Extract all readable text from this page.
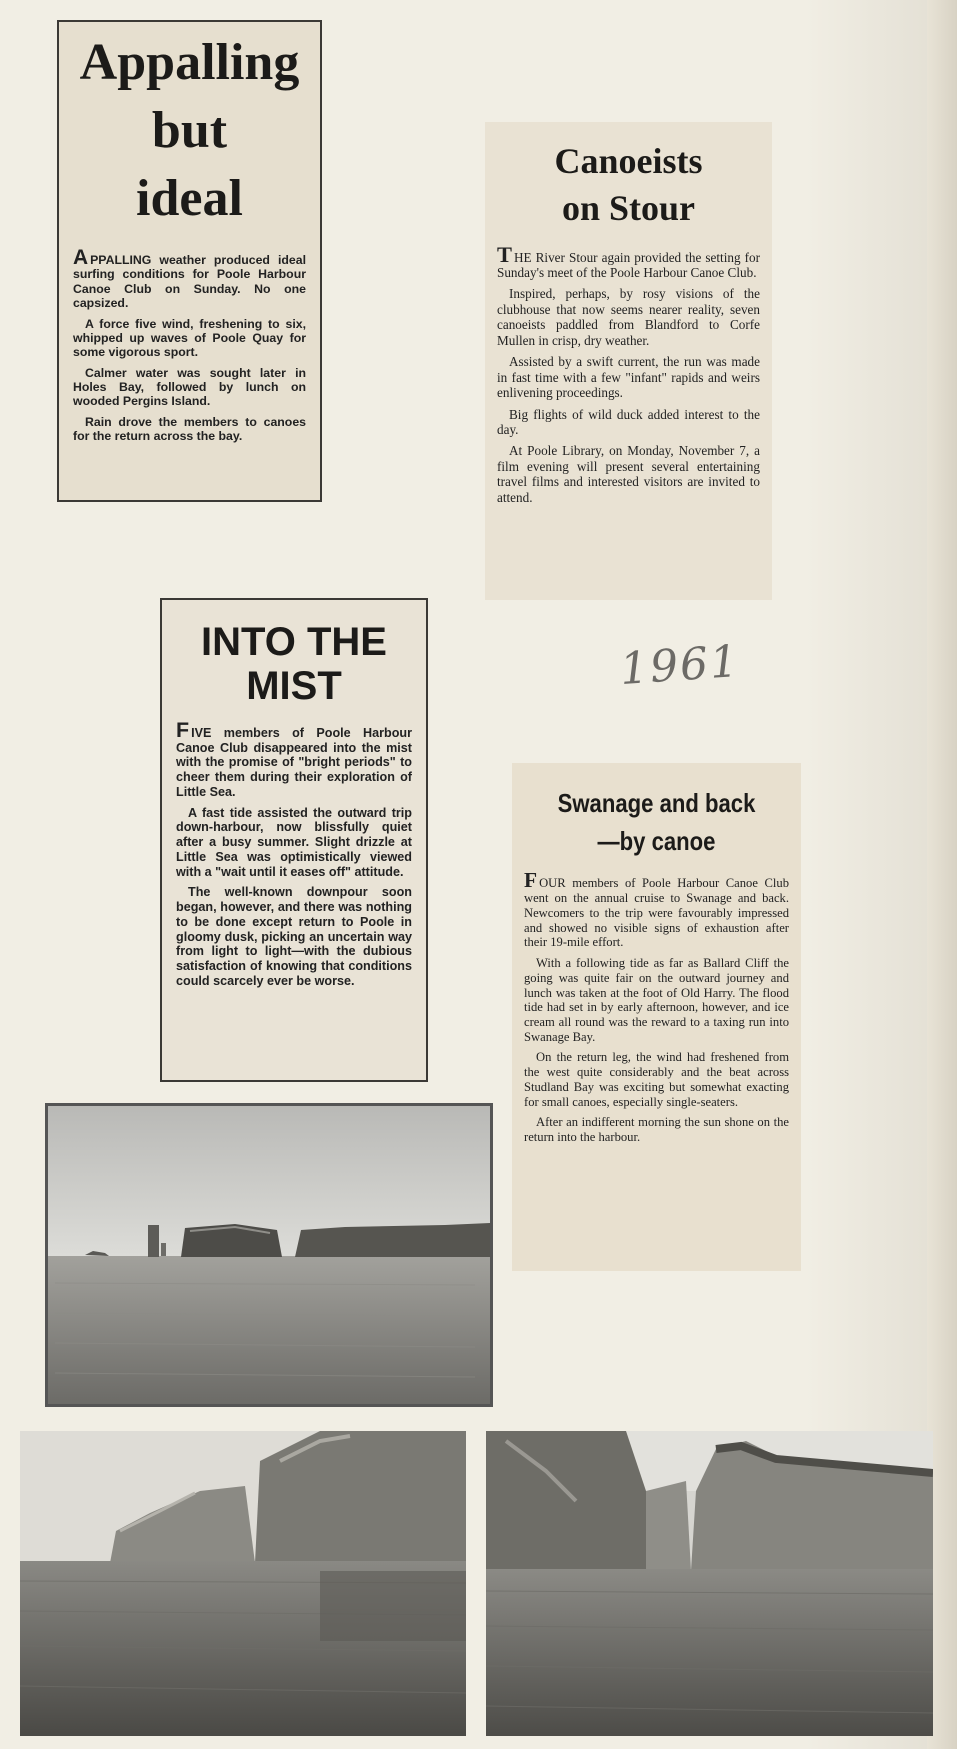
Appalling
but
ideal

APPALLING weather produced ideal surfing conditions for Poole Harbour Canoe Club on Sunday. No one capsized.

A force five wind, freshening to six, whipped up waves of Poole Quay for some vigorous sport.

Calmer water was sought later in Holes Bay, followed by lunch on wooded Pergins Island.

Rain drove the members to canoes for the return across the bay.

Canoeists
on Stour

THE River Stour again provided the setting for Sunday's meet of the Poole Harbour Canoe Club.

Inspired, perhaps, by rosy visions of the clubhouse that now seems nearer reality, seven canoeists paddled from Blandford to Corfe Mullen in crisp, dry weather.

Assisted by a swift current, the run was made in fast time with a few "infant" rapids and weirs enlivening proceedings.

Big flights of wild duck added interest to the day.

At Poole Library, on Monday, November 7, a film evening will present several entertaining travel films and interested visitors are invited to attend.

INTO THE
MIST

FIVE members of Poole Harbour Canoe Club disappeared into the mist with the promise of "bright periods" to cheer them during their exploration of Little Sea.

A fast tide assisted the outward trip down-harbour, now blissfully quiet after a busy summer. Slight drizzle at Little Sea was optimistically viewed with a "wait until it eases off" attitude.

The well-known downpour soon began, however, and there was nothing to be done except return to Poole in gloomy dusk, picking an uncertain way from light to light—with the dubious satisfaction of knowing that conditions could scarcely ever be worse.

1961
Swanage and back
—by canoe

FOUR members of Poole Harbour Canoe Club went on the annual cruise to Swanage and back. Newcomers to the trip were favourably impressed and showed no visible signs of exhaustion after their 19-mile effort.

With a following tide as far as Ballard Cliff the going was quite fair on the outward journey and lunch was taken at the foot of Old Harry. The flood tide had set in by early afternoon, however, and ice cream all round was the reward to a taxing run into Swanage Bay.

On the return leg, the wind had freshened from the west quite considerably and the beat across Studland Bay was exciting but somewhat exacting for small canoes, especially single-seaters.

After an indifferent morning the sun shone on the return into the harbour.
